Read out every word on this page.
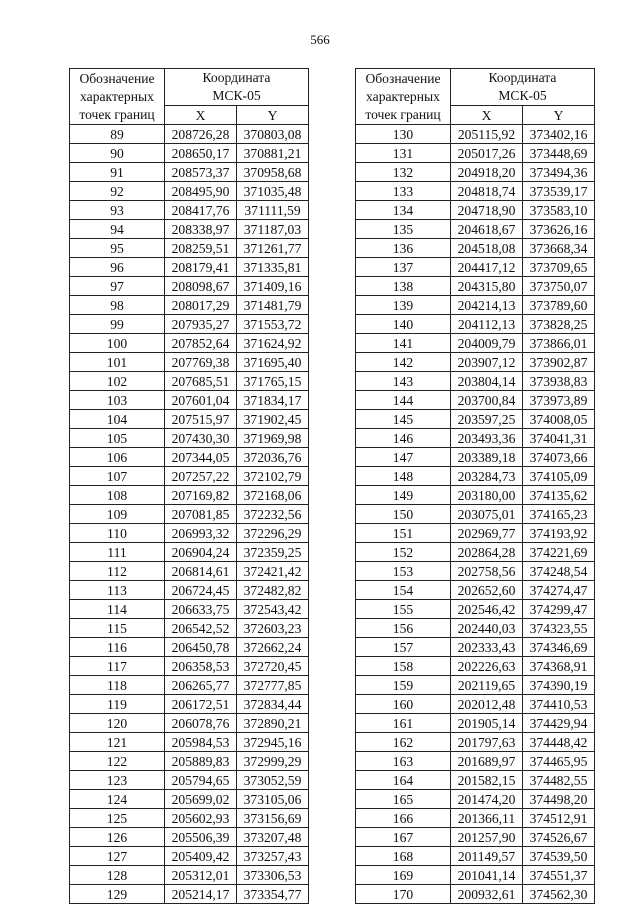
566
Обозначение характерных точек границ	Координата МСК-05	
	X	Y
89	208726,28	370803,08
90	208650,17	370881,21
91	208573,37	370958,68
92	208495,90	371035,48
93	208417,76	371111,59
94	208338,97	371187,03
95	208259,51	371261,77
96	208179,41	371335,81
97	208098,67	371409,16
98	208017,29	371481,79
99	207935,27	371553,72
100	207852,64	371624,92
101	207769,38	371695,40
102	207685,51	371765,15
103	207601,04	371834,17
104	207515,97	371902,45
105	207430,30	371969,98
106	207344,05	372036,76
107	207257,22	372102,79
108	207169,82	372168,06
109	207081,85	372232,56
110	206993,32	372296,29
111	206904,24	372359,25
112	206814,61	372421,42
113	206724,45	372482,82
114	206633,75	372543,42
115	206542,52	372603,23
116	206450,78	372662,24
117	206358,53	372720,45
118	206265,77	372777,85
119	206172,51	372834,44
120	206078,76	372890,21
121	205984,53	372945,16
122	205889,83	372999,29
123	205794,65	373052,59
124	205699,02	373105,06
125	205602,93	373156,69
126	205506,39	373207,48
127	205409,42	373257,43
128	205312,01	373306,53
129	205214,17	373354,77
Обозначение характерных точек границ	Координата МСК-05	
	X	Y
130	205115,92	373402,16
131	205017,26	373448,69
132	204918,20	373494,36
133	204818,74	373539,17
134	204718,90	373583,10
135	204618,67	373626,16
136	204518,08	373668,34
137	204417,12	373709,65
138	204315,80	373750,07
139	204214,13	373789,60
140	204112,13	373828,25
141	204009,79	373866,01
142	203907,12	373902,87
143	203804,14	373938,83
144	203700,84	373973,89
145	203597,25	374008,05
146	203493,36	374041,31
147	203389,18	374073,66
148	203284,73	374105,09
149	203180,00	374135,62
150	203075,01	374165,23
151	202969,77	374193,92
152	202864,28	374221,69
153	202758,56	374248,54
154	202652,60	374274,47
155	202546,42	374299,47
156	202440,03	374323,55
157	202333,43	374346,69
158	202226,63	374368,91
159	202119,65	374390,19
160	202012,48	374410,53
161	201905,14	374429,94
162	201797,63	374448,42
163	201689,97	374465,95
164	201582,15	374482,55
165	201474,20	374498,20
166	201366,11	374512,91
167	201257,90	374526,67
168	201149,57	374539,50
169	201041,14	374551,37
170	200932,61	374562,30
